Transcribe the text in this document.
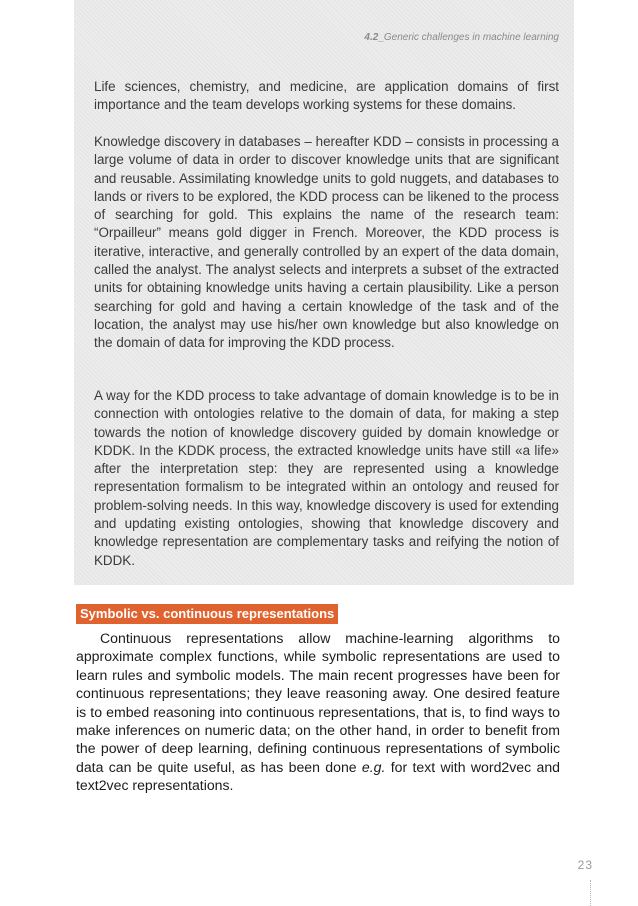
4.2_Generic challenges in machine learning

Life sciences, chemistry, and medicine, are application domains of first importance and the team develops working systems for these domains.

Knowledge discovery in databases – hereafter KDD – consists in processing a large volume of data in order to discover knowledge units that are significant and reusable. Assimilating knowledge units to gold nuggets, and databases to lands or rivers to be explored, the KDD process can be likened to the process of searching for gold. This explains the name of the research team: “Orpailleur” means gold digger in French. Moreover, the KDD process is iterative, interactive, and generally controlled by an expert of the data domain, called the analyst. The analyst selects and interprets a subset of the extracted units for obtaining knowledge units having a certain plausibility. Like a person searching for gold and having a certain knowledge of the task and of the location, the analyst may use his/her own knowledge but also knowledge on the domain of data for improving the KDD process.

A way for the KDD process to take advantage of domain knowledge is to be in connection with ontologies relative to the domain of data, for making a step towards the notion of knowledge discovery guided by domain knowledge or KDDK. In the KDDK process, the extracted knowledge units have still «a life» after the interpretation step: they are represented using a knowledge representation formalism to be integrated within an ontology and reused for problem-solving needs. In this way, knowledge discovery is used for extending and updating existing ontologies, showing that knowledge discovery and knowledge representation are complementary tasks and reifying the notion of KDDK.

Symbolic vs. continuous representations

Continuous representations allow machine-learning algorithms to approximate complex functions, while symbolic representations are used to learn rules and symbolic models. The main recent progresses have been for continuous representations; they leave reasoning away. One desired feature is to embed reasoning into continuous representations, that is, to find ways to make inferences on numeric data; on the other hand, in order to benefit from the power of deep learning, defining continuous representations of symbolic data can be quite useful, as has been done e.g. for text with word2vec and text2vec representations.

23
